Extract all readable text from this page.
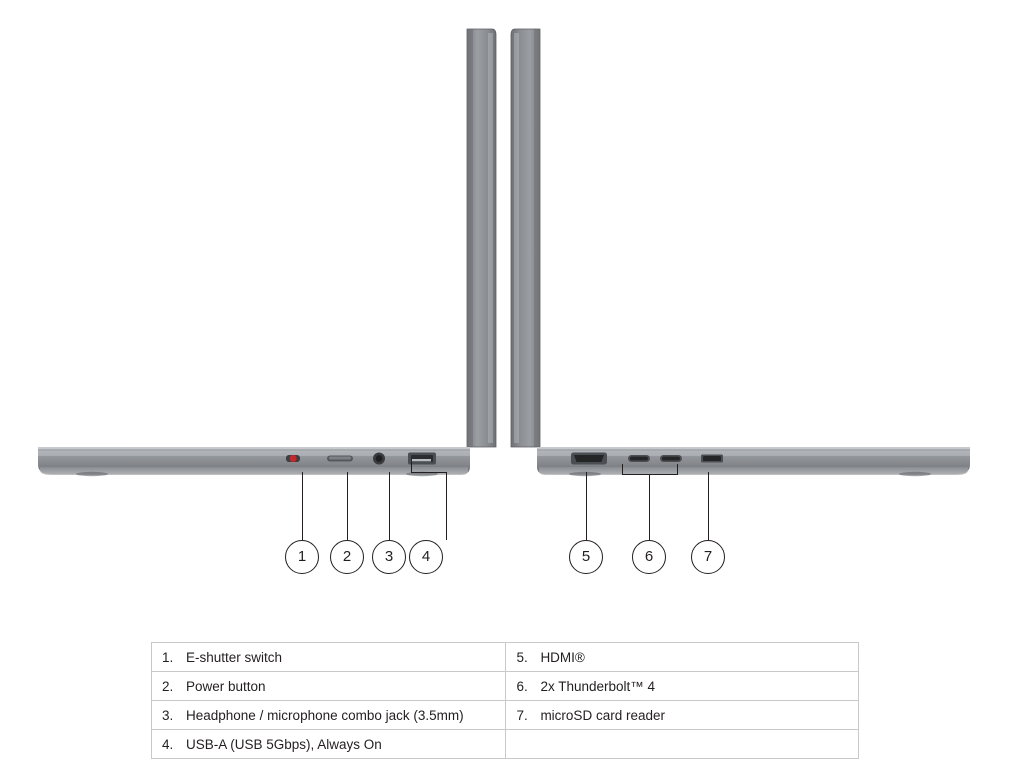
1	2	3	4	5	6	7
1. E-shutter switch	5. HDMI®

2. Power button	6. 2x Thunderbolt™ 4

3. Headphone / microphone combo jack (3.5mm)	7. microSD card reader

4. USB-A (USB 5Gbps), Always On	
